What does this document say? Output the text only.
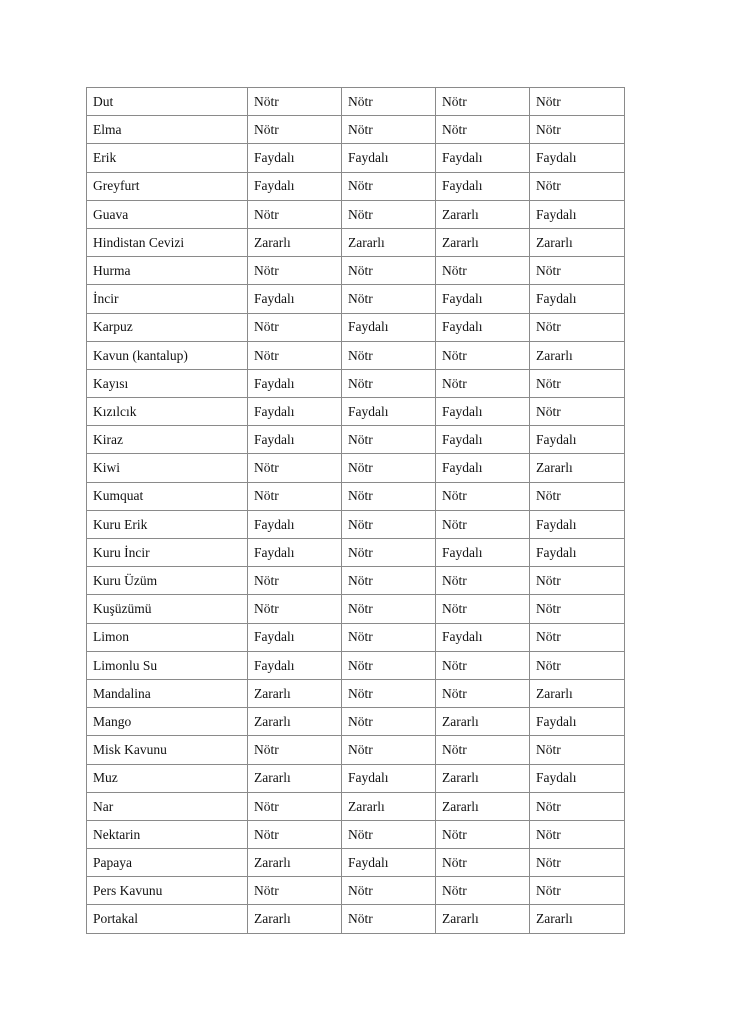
Dut	Nötr	Nötr	Nötr	Nötr
Elma	Nötr	Nötr	Nötr	Nötr
Erik	Faydalı	Faydalı	Faydalı	Faydalı
Greyfurt	Faydalı	Nötr	Faydalı	Nötr
Guava	Nötr	Nötr	Zararlı	Faydalı
Hindistan Cevizi	Zararlı	Zararlı	Zararlı	Zararlı
Hurma	Nötr	Nötr	Nötr	Nötr
İncir	Faydalı	Nötr	Faydalı	Faydalı
Karpuz	Nötr	Faydalı	Faydalı	Nötr
Kavun (kantalup)	Nötr	Nötr	Nötr	Zararlı
Kayısı	Faydalı	Nötr	Nötr	Nötr
Kızılcık	Faydalı	Faydalı	Faydalı	Nötr
Kiraz	Faydalı	Nötr	Faydalı	Faydalı
Kiwi	Nötr	Nötr	Faydalı	Zararlı
Kumquat	Nötr	Nötr	Nötr	Nötr
Kuru Erik	Faydalı	Nötr	Nötr	Faydalı
Kuru İncir	Faydalı	Nötr	Faydalı	Faydalı
Kuru Üzüm	Nötr	Nötr	Nötr	Nötr
Kuşüzümü	Nötr	Nötr	Nötr	Nötr
Limon	Faydalı	Nötr	Faydalı	Nötr
Limonlu Su	Faydalı	Nötr	Nötr	Nötr
Mandalina	Zararlı	Nötr	Nötr	Zararlı
Mango	Zararlı	Nötr	Zararlı	Faydalı
Misk Kavunu	Nötr	Nötr	Nötr	Nötr
Muz	Zararlı	Faydalı	Zararlı	Faydalı
Nar	Nötr	Zararlı	Zararlı	Nötr
Nektarin	Nötr	Nötr	Nötr	Nötr
Papaya	Zararlı	Faydalı	Nötr	Nötr
Pers Kavunu	Nötr	Nötr	Nötr	Nötr
Portakal	Zararlı	Nötr	Zararlı	Zararlı
